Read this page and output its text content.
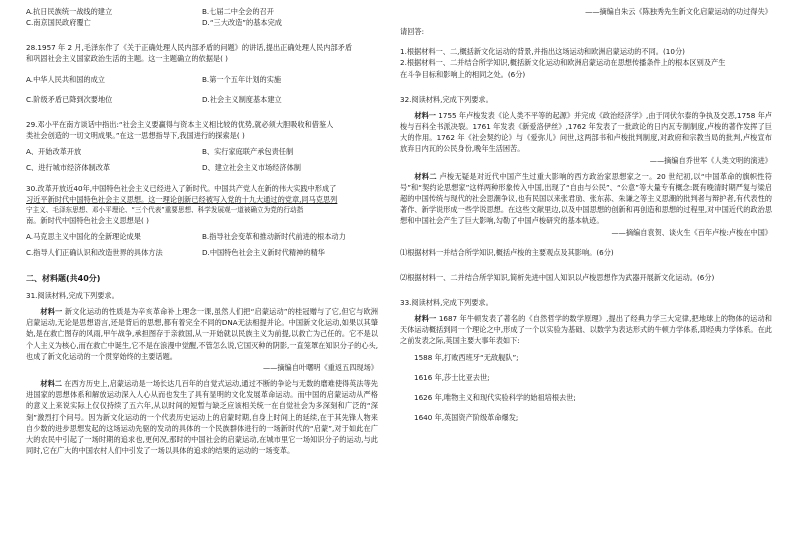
A.抗日民族统一战线的建立	B.七届二中全会的召开
C.南京国民政府覆亡	D.“三大改造”的基本完成
28.1957 年 2 月,毛泽东作了《关于正确处理人民内部矛盾的问题》的讲话,提出正确处理人民内部矛盾
和巩固社会主义国家政治生活的主题。这一主题确立的依据是( )
A.中华人民共和国的成立	B.第一个五年计划的实施
C.阶级矛盾已降到次要地位	D.社会主义制度基本建立
29.邓小平在南方谈话中指出:“社会主义要赢得与资本主义相比较的优势,就必须大胆吸收和借鉴人
类社会创造的一切文明成果。”在这一思想指导下,我国进行的探索是( )
A、开始改革开放	B、实行家庭联产承包责任制
C、进行城市经济体制改革	D、建立社会主义市场经济体制
30.改革开放近40年,中国特色社会主义已经进入了新时代。中国共产党人在新的伟大实践中形成了
习近平新时代中国特色社会主义思想。这一理论创新已经被写入党的十九大通过的党章,同马克思列
宁主义、毛泽东思想、邓小平理论、“三个代表”重要思想、科学发展观一道被确立为党的行动指
南。新时代中国特色社会主义思想是( )
A.马克思主义中国化的全新理论成果	B.指导社会变革和推动新时代前进的根本动力
C.指导人们正确认识和改造世界的具体方法	D.中国特色社会主义新时代精神的精华
二、材料题(共40分)
31.阅读材料,完成下列要求。
材料一 新文化运动的性质是为辛亥革命补上理念一课,虽然人们把“启蒙运动”的桂冠赠与了它,但它与欧洲启蒙运动,无论是思想语言,还是背后的思想,都有着完全不同的DNA无法相提并论。中国新文化运动,如果以其肇始,是在救亡图存的风雨,甲午战争,承担图存于亲救国,从一开始就以民族主义为前提,以救亡为己任的。它不是以个人主义为核心,而在救亡中诞生,它不是在浪漫中觉醒,不管怎么说,它国灭种的阴影,一直笼罩在知识分子的心头,也成了新文化运动的一个贯穿始终的主要话题。
——摘编自叶曙明《重返五四现场》
材料二 在西方历史上,启蒙运动是一场长达几百年的自觉式运动,通过不断的争论与无数的磨难使得英法等先进国家的思想体系和解放运动深入人心从而也发生了具有显明的文化发展革命运动。而中国的启蒙运动从严格的意义上来说实际上仅仅持续了五六年,从以时间的短暂与缺乏应该相关统一在自觉社会为多深刻和广泛的“深刻”激烈打个问号。因为新文化运动的一个代表历史运动上的启蒙时期,自身上时间上的延续,在于其先锋人物来自少数的进步思想发起的这场运动先驱的发动的具体的一个民族群体进行的一场新时代的“启蒙”,对于如此在广大的农民中引起了一场时期的追求也,更何况,那时的中国社会的启蒙运动,在城市里它一场知识分子的运动,与此同时,它在广大的中国农村人们中引发了一场以具体的追求的结果的运动的一场变革。
——摘编自朱云《陈独秀先生新文化启蒙运动的功过得失》
请回答:
1.根据材料一、二,概括新文化运动的背景,并指出这场运动和欧洲启蒙运动的不同。(10分)
2.根据材料一、二并结合所学知识,概括新文化运动和欧洲启蒙运动在思想传播条件上的根本区别及产生
在斗争目标和影响上的相同之处。(6分)
32.阅读材料,完成下列要求。
材料一 1755 年卢梭发表《论人类不平等的起源》并完成《政治经济学》,由于同伏尔泰的争执及交恶,1758 年卢梭与百科全书派决裂。1761 年发表《新爱洛伊丝》,1762 年发表了一批政论的日内瓦专制制度,卢梭的著作发挥了巨大的作用。1762 年《社会契约论》与《爱弥儿》问世,这两部书和卢梭批判制度,对政府和宗教当局的批判,卢梭宣布放弃日内瓦的公民身份,晚年生活困苦。
——摘编自乔世军《人类文明的演进》
材料二 卢梭无疑是对近代中国产生过重大影响的西方政治家思想家之一。20 世纪初,以“中国革命的旗帜性符号”和“契约论思想家”这样两种形象传入中国,出现了“自由与公民”、“公意”等大量专有概念:既有晚清时期严复与梁启超的中国传统与现代的社会思潮争议,也有民国以来张君劢、张东荪、朱谦之等主义思潮的批判者与辩护者,有代表性的著作、新学说形成一些学说思想。在这些文献里边,以及中国思想的创新和再创造和思想的过程里,对中国近代的政治思想和中国社会产生了巨大影响,勾勒了中国卢梭研究的基本轨迹。
——摘编自袁贺、谈火生《百年卢梭:卢梭在中国》
⑴根据材料一并结合所学知识,概括卢梭的主要观点及其影响。(6分)
⑵根据材料一、二并结合所学知识,简析先进中国人知识以卢梭思想作为武器开展新文化运动。(6分)
33.阅读材料,完成下列要求。
材料一 1687 年牛顿发表了著名的《自然哲学的数学原理》,提出了经典力学三大定律,把地球上的物体的运动和天体运动概括到同一个理论之中,形成了一个以实验为基础、以数学为表达形式的牛顿力学体系,即经典力学体系。在此之前发表之际,英国主要大事年表如下:
1588 年,打败西班牙“无敌舰队”;
1616 年,莎士比亚去世;
1626 年,唯物主义和现代实验科学的始祖培根去世;
1640 年,英国资产阶级革命爆发;
